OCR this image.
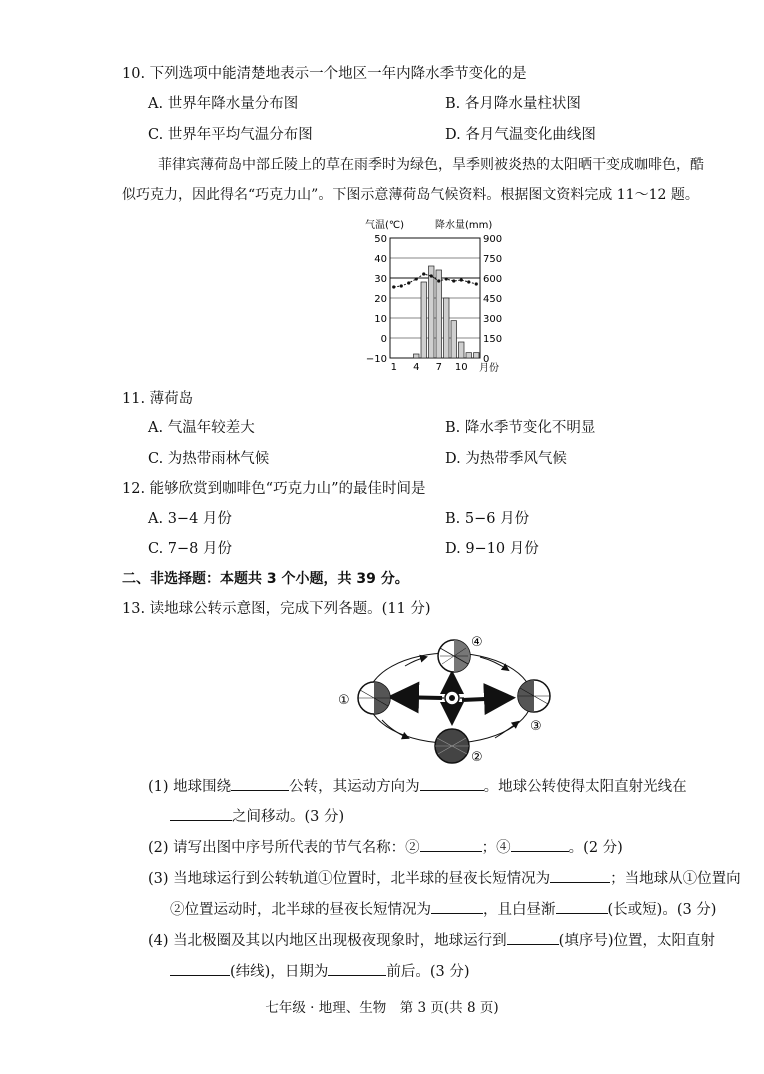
10. 下列选项中能清楚地表示一个地区一年内降水季节变化的是
A. 世界年降水量分布图	B. 各月降水量柱状图
C. 世界年平均气温分布图	D. 各月气温变化曲线图
菲律宾薄荷岛中部丘陵上的草在雨季时为绿色，旱季则被炎热的太阳晒干变成咖啡色，酷
似巧克力，因此得名“巧克力山”。下图示意薄荷岛气候资料。根据图文资料完成 11～12 题。
气温(℃)	降水量(mm)
50
40
30
20
10
0
−10
900
750
600
450
300
150
0
1 4 7 10 月份
11. 薄荷岛
A. 气温年较差大	B. 降水季节变化不明显
C. 为热带雨林气候	D. 为热带季风气候
12. 能够欣赏到咖啡色“巧克力山”的最佳时间是
A. 3−4 月份	B. 5−6 月份
C. 7−8 月份	D. 9−10 月份
二、非选择题：本题共 3 个小题，共 39 分。
13. 读地球公转示意图，完成下列各题。(11 分)
①
②
③
④
(1) 地球围绕	公转，其运动方向为	。地球公转使得太阳直射光线在
之间移动。(3 分)
(2) 请写出图中序号所代表的节气名称：②	；④	。(2 分)
(3) 当地球运行到公转轨道①位置时，北半球的昼夜长短情况为	；当地球从①位置向
②位置运动时，北半球的昼夜长短情况为	，且白昼渐	(长或短)。(3 分)
(4) 当北极圈及其以内地区出现极夜现象时，地球运行到	(填序号)位置，太阳直射
(纬线)，日期为	前后。(3 分)
七年级 · 地理、生物　第 3 页(共 8 页)
